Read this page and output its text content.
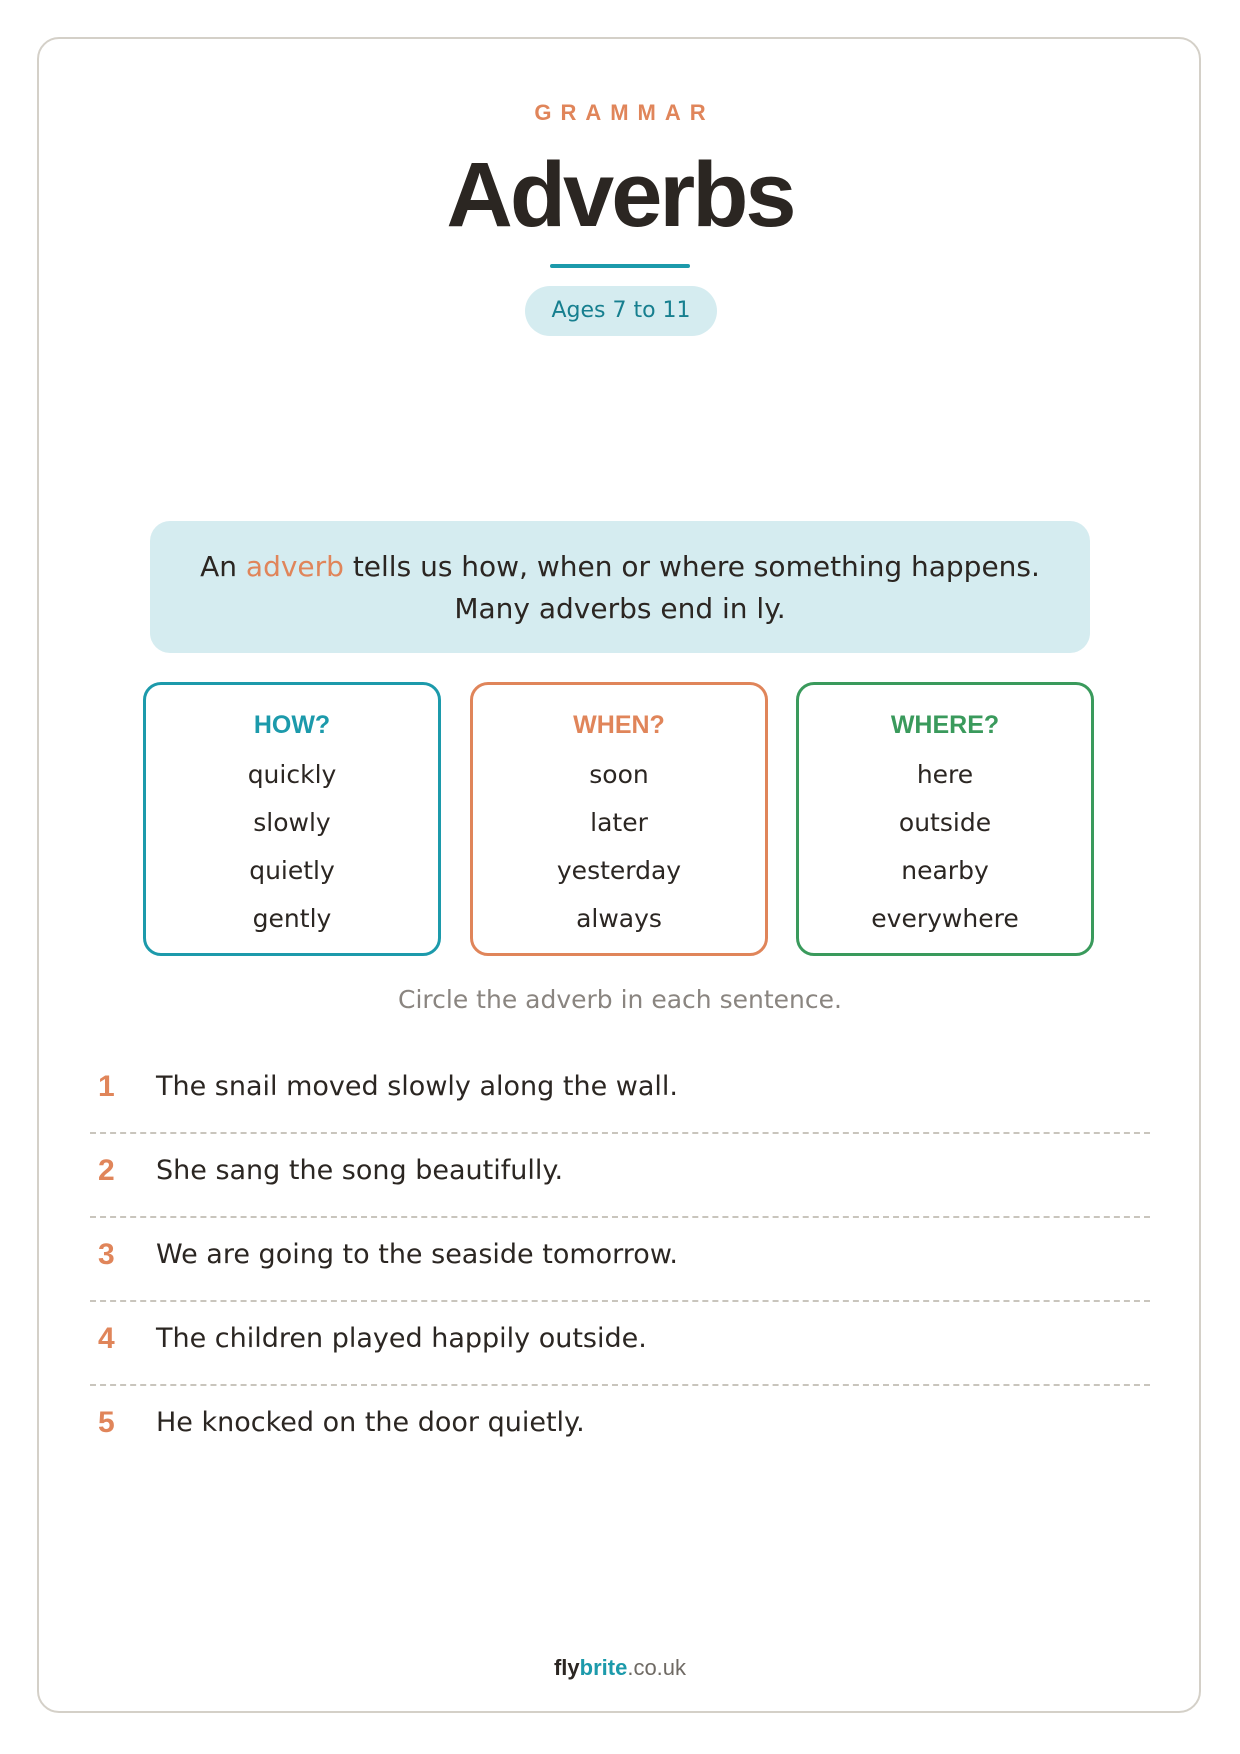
GRAMMAR
Adverbs
Ages 7 to 11
An adverb tells us how, when or where something happens.
Many adverbs end in ly.
HOW?
quickly
slowly
quietly
gently
WHEN?
soon
later
yesterday
always
WHERE?
here
outside
nearby
everywhere
Circle the adverb in each sentence.
1	The snail moved slowly along the wall.
2	She sang the song beautifully.
3	We are going to the seaside tomorrow.
4	The children played happily outside.
5	He knocked on the door quietly.
flybrite.co.uk
